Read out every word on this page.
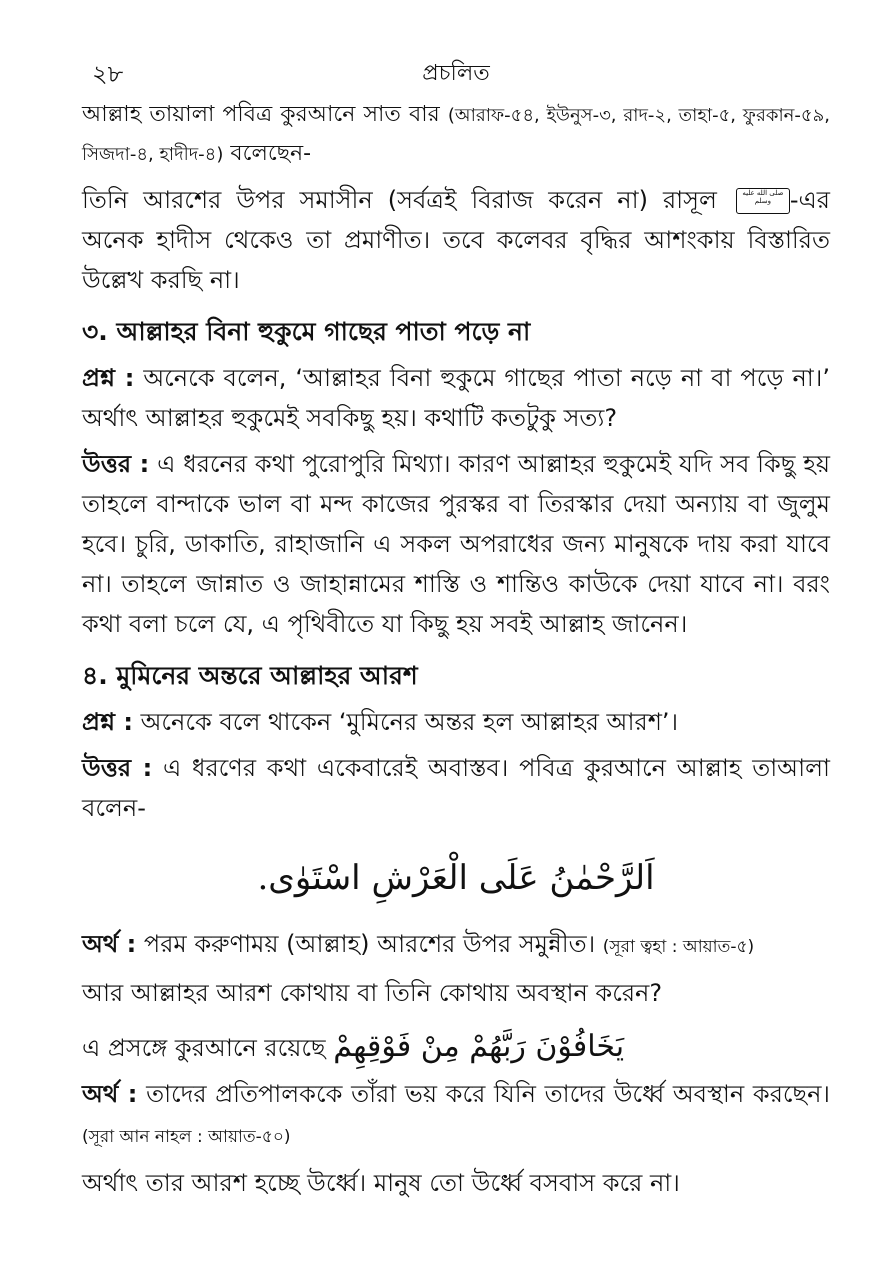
২৮	প্রচলিত

আল্লাহ তায়ালা পবিত্র কুরআনে সাত বার (আরাফ-৫৪, ইউনুস-৩, রাদ-২, তাহা-৫, ফুরকান-৫৯, সিজদা-৪, হাদীদ-৪) বলেছেন-

তিনি আরশের উপর সমাসীন (সর্বত্রই বিরাজ করেন না) রাসূল	صلى الله عليه وسلم -এর অনেক হাদীস থেকেও তা প্রমাণীত। তবে কলেবর বৃদ্ধির আশংকায় বিস্তারিত উল্লেখ করছি না।

৩. আল্লাহর বিনা হুকুমে গাছের পাতা পড়ে না

প্রশ্ন : অনেকে বলেন, ‘আল্লাহর বিনা হুকুমে গাছের পাতা নড়ে না বা পড়ে না।’ অর্থাৎ আল্লাহর হুকুমেই সবকিছু হয়। কথাটি কতটুকু সত্য?

উত্তর : এ ধরনের কথা পুরোপুরি মিথ্যা। কারণ আল্লাহর হুকুমেই যদি সব কিছু হয় তাহলে বান্দাকে ভাল বা মন্দ কাজের পুরস্কর বা তিরস্কার দেয়া অন্যায় বা জুলুম হবে। চুরি, ডাকাতি, রাহাজানি এ সকল অপরাধের জন্য মানুষকে দায় করা যাবে না। তাহলে জান্নাত ও জাহান্নামের শাস্তি ও শান্তিও কাউকে দেয়া যাবে না। বরং কথা বলা চলে যে, এ পৃথিবীতে যা কিছু হয় সবই আল্লাহ জানেন।

৪. মুমিনের অন্তরে আল্লাহর আরশ

প্রশ্ন : অনেকে বলে থাকেন ‘মুমিনের অন্তর হল আল্লাহর আরশ’।

উত্তর : এ ধরণের কথা একেবারেই অবাস্তব। পবিত্র কুরআনে আল্লাহ তাআলা বলেন-

اَلرَّحْمٰنُ عَلَى الْعَرْشِ اسْتَوٰى.

অর্থ : পরম করুণাময় (আল্লাহ) আরশের উপর সমুন্নীত। (সূরা ত্বহা : আয়াত-৫)

আর আল্লাহর আরশ কোথায় বা তিনি কোথায় অবস্থান করেন?

এ প্রসঙ্গে কুরআনে রয়েছে يَخَافُوْنَ رَبَّهُمْ مِنْ فَوْقِهِمْ

অর্থ : তাদের প্রতিপালককে তাঁরা ভয় করে যিনি তাদের উর্ধ্বে অবস্থান করছেন। (সূরা আন নাহল : আয়াত-৫০)

অর্থাৎ তার আরশ হচ্ছে উর্ধ্বে। মানুষ তো উর্ধ্বে বসবাস করে না।
